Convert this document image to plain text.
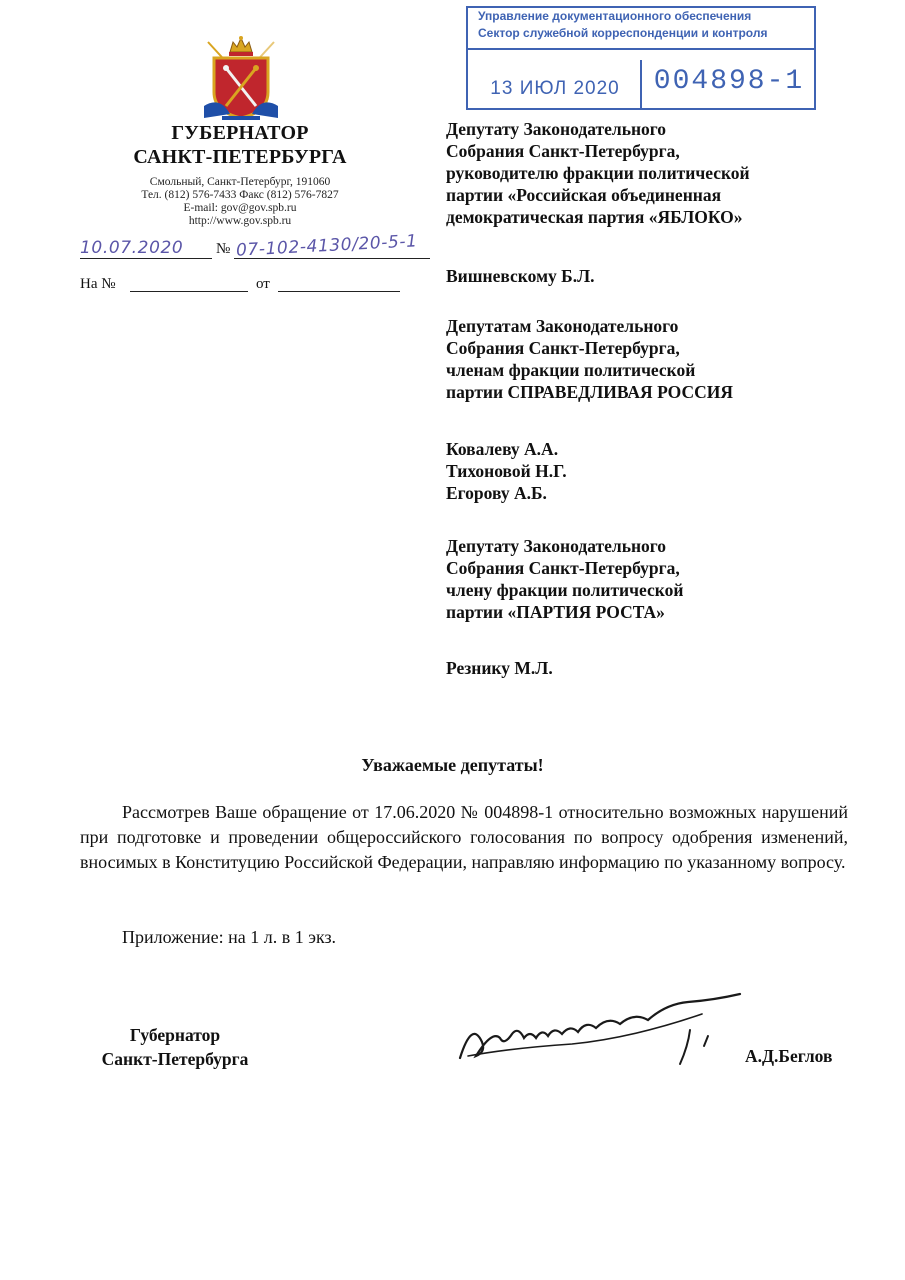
ГУБЕРНАТОР
САНКТ-ПЕТЕРБУРГА
Смольный, Санкт-Петербург, 191060
Тел. (812) 576-7433 Факс (812) 576-7827
E-mail: gov@gov.spb.ru
http://www.gov.spb.ru
10.07.2020 № 07-102-4130/20-5-1
На №	от
Управление документационного обеспечения
Сектор служебной корреспонденции и контроля
13 ИЮЛ 2020	004898-1
Депутату Законодательного
Собрания Санкт-Петербурга,
руководителю фракции политической
партии «Российская объединенная
демократическая партия «ЯБЛОКО»
Вишневскому Б.Л.
Депутатам Законодательного
Собрания Санкт-Петербурга,
членам фракции политической
партии СПРАВЕДЛИВАЯ РОССИЯ
Ковалеву А.А.
Тихоновой Н.Г.
Егорову А.Б.
Депутату Законодательного
Собрания Санкт-Петербурга,
члену фракции политической
партии «ПАРТИЯ РОСТА»
Резнику М.Л.
Уважаемые депутаты!
Рассмотрев Ваше обращение от 17.06.2020 № 004898-1 относительно возможных нарушений при подготовке и проведении общероссийского голосования по вопросу одобрения изменений, вносимых в Конституцию Российской Федерации, направляю информацию по указанному вопросу.
Приложение: на 1 л. в 1 экз.
Губернатор
Санкт-Петербурга	А.Д.Беглов
